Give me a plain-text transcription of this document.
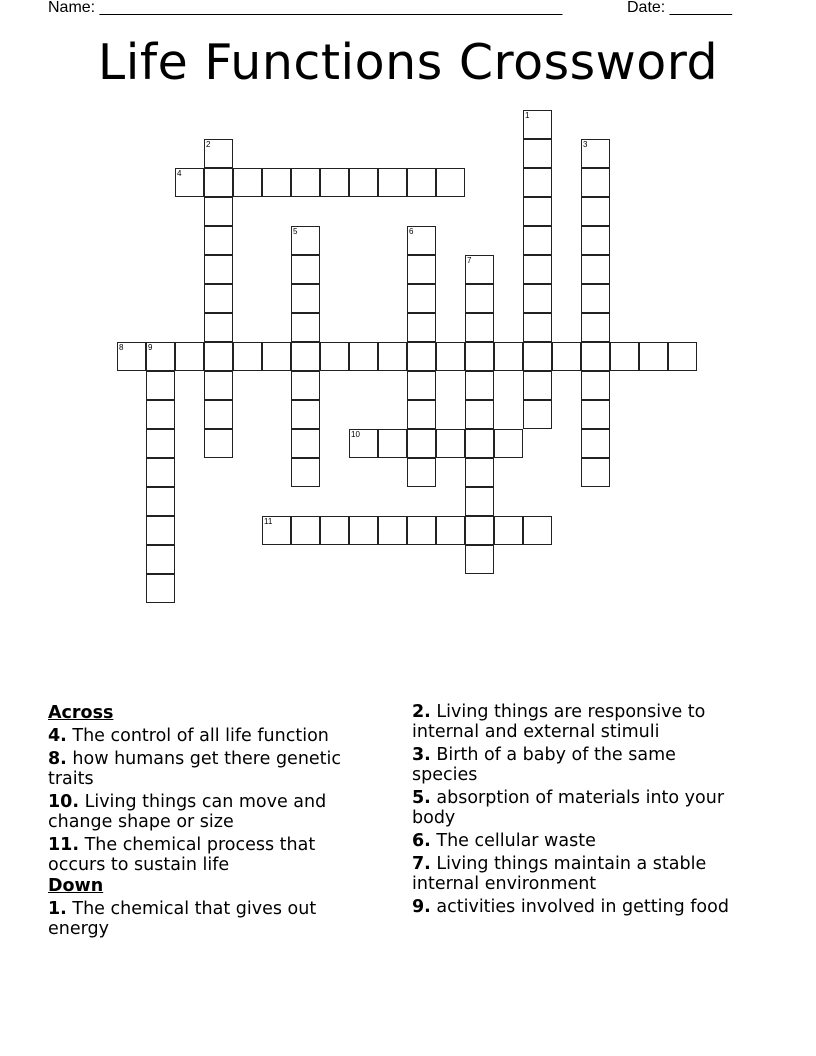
Name: ____________________________________________________	Date: _______
Life Functions Crossword
1
2	3
4
5	6
7
8	9
10
11
Across
4. The control of all life function
8. how humans get there genetic traits
10. Living things can move and change shape or size
11. The chemical process that occurs to sustain life
Down
1. The chemical that gives out energy
2. Living things are responsive to internal and external stimuli
3. Birth of a baby of the same species
5. absorption of materials into your body
6. The cellular waste
7. Living things maintain a stable internal environment
9. activities involved in getting food
